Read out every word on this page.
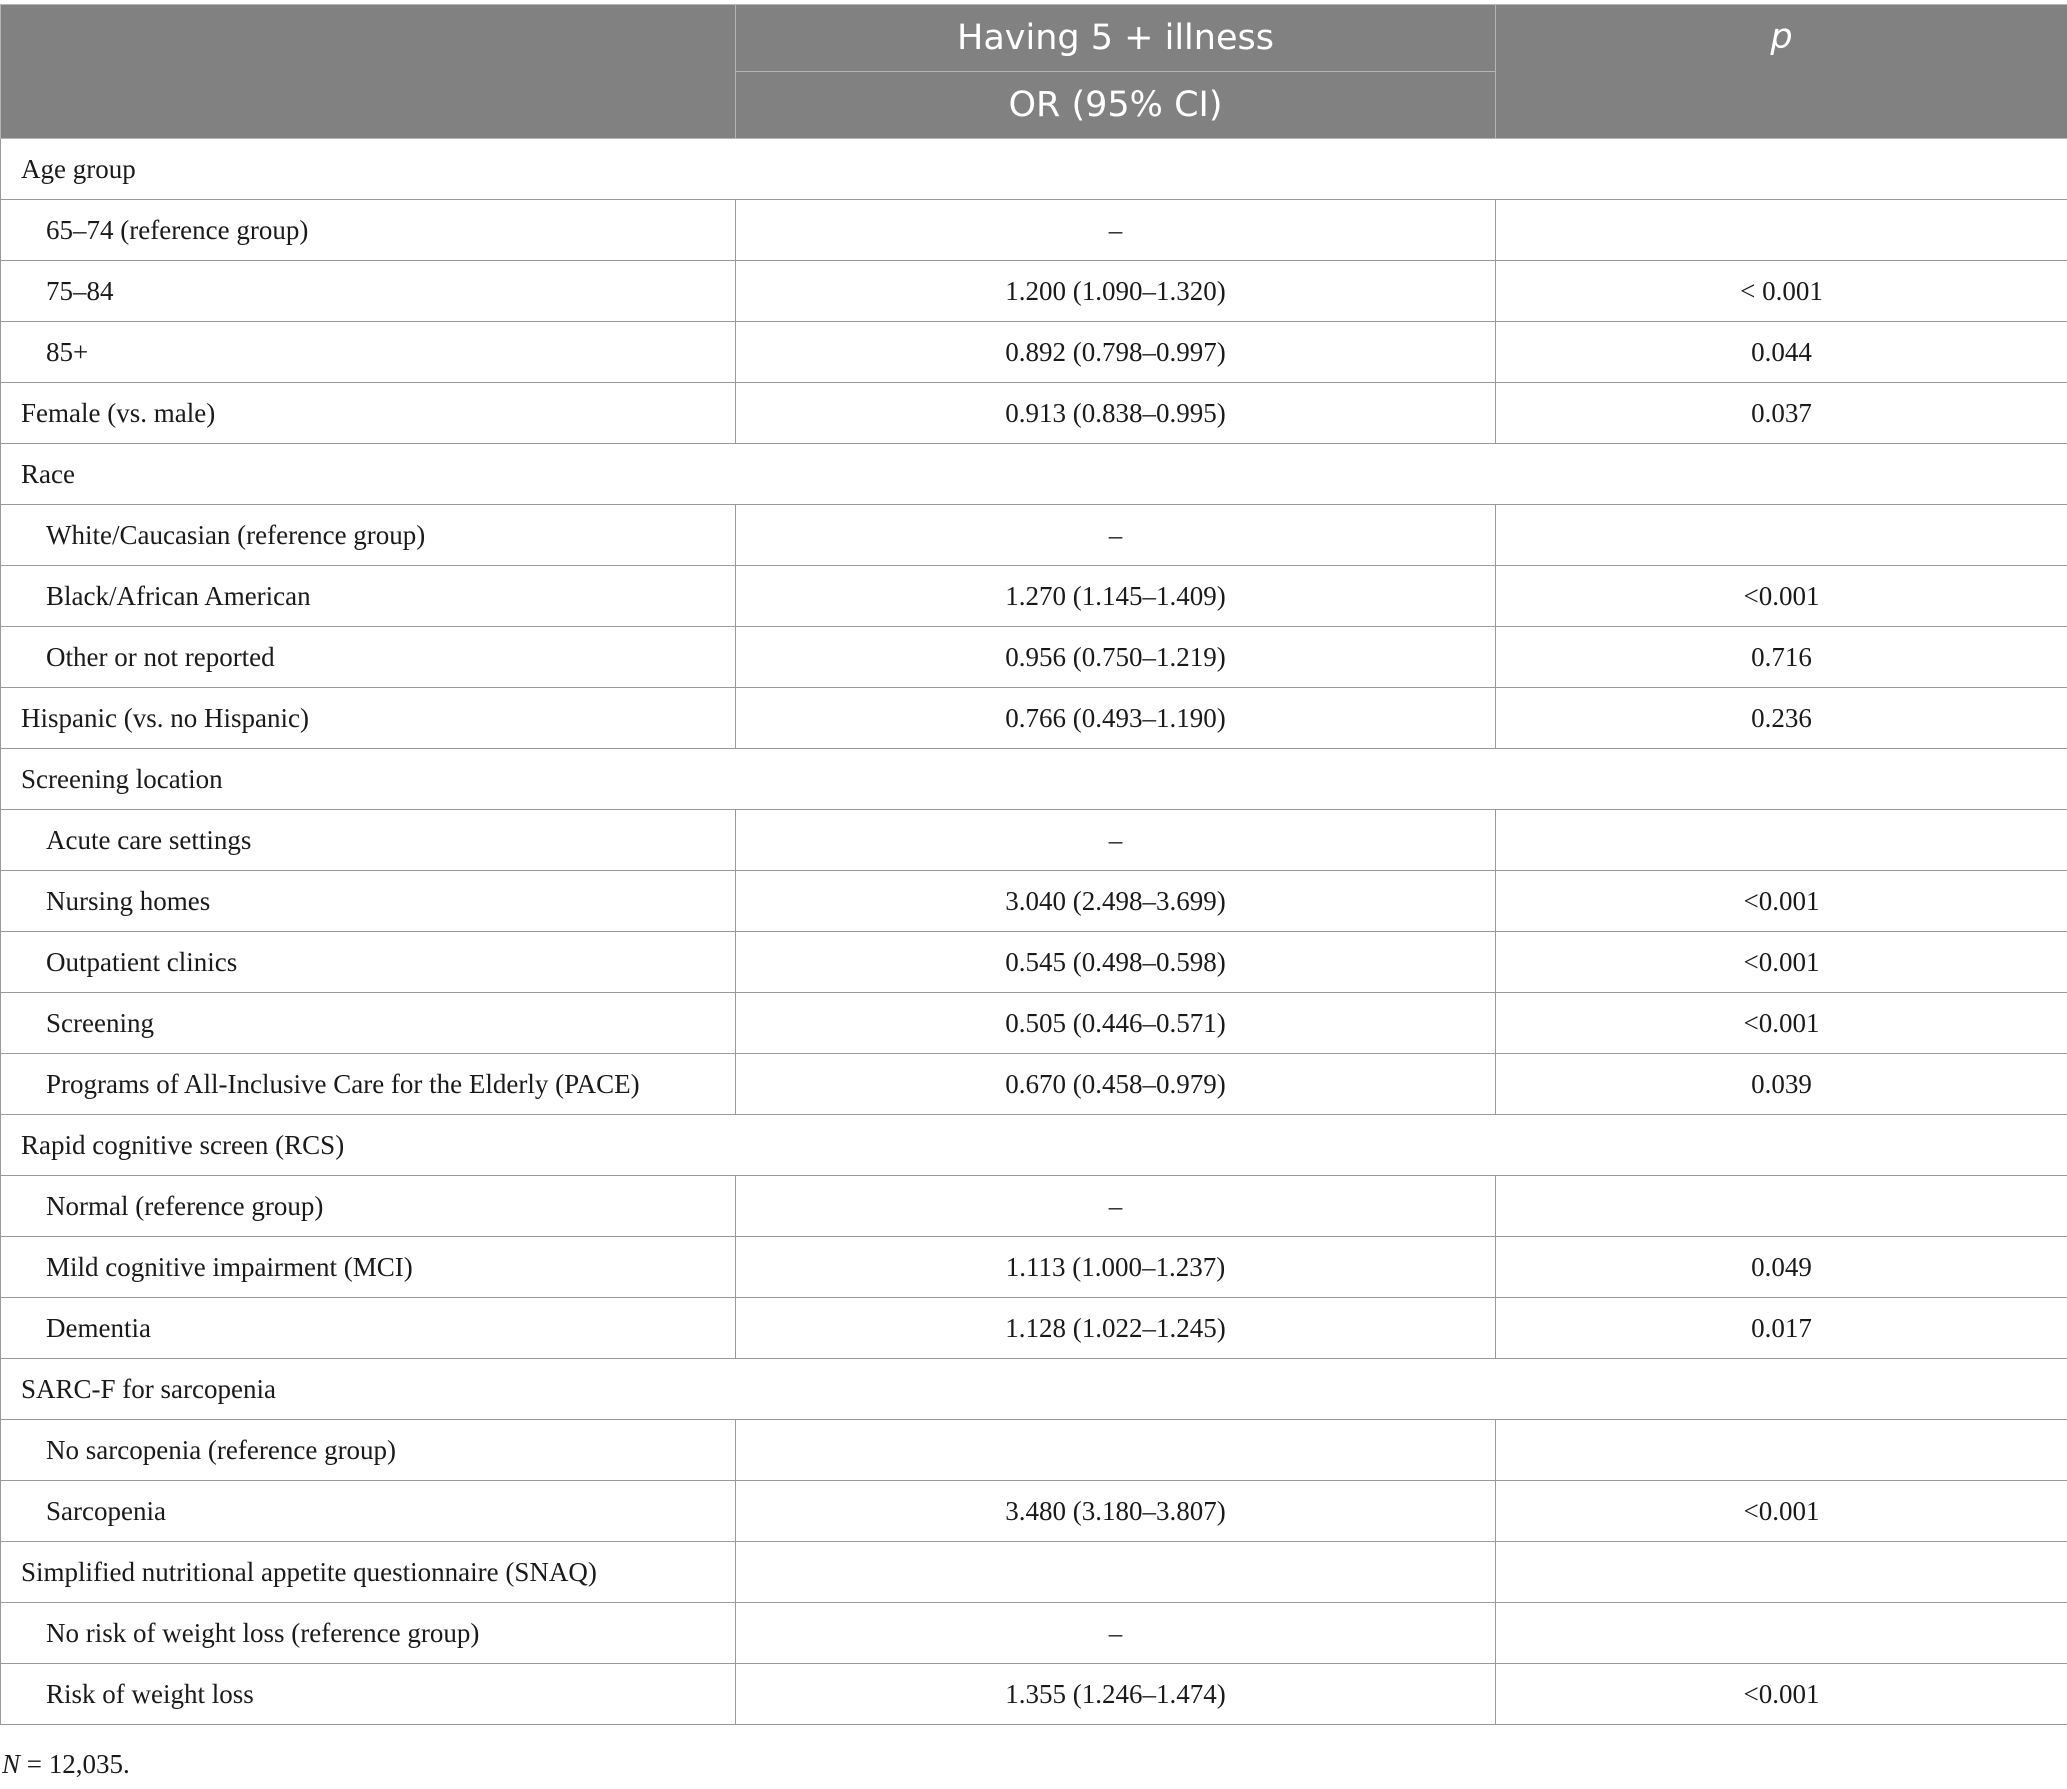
	Having 5 + illness	p
	OR (95% CI)	
Age group		
65–74 (reference group)	–	
75–84	1.200 (1.090–1.320)	< 0.001
85+	0.892 (0.798–0.997)	0.044
Female (vs. male)	0.913 (0.838–0.995)	0.037
Race		
White/Caucasian (reference group)	–	
Black/African American	1.270 (1.145–1.409)	<0.001
Other or not reported	0.956 (0.750–1.219)	0.716
Hispanic (vs. no Hispanic)	0.766 (0.493–1.190)	0.236
Screening location		
Acute care settings	–	
Nursing homes	3.040 (2.498–3.699)	<0.001
Outpatient clinics	0.545 (0.498–0.598)	<0.001
Screening	0.505 (0.446–0.571)	<0.001
Programs of All-Inclusive Care for the Elderly (PACE)	0.670 (0.458–0.979)	0.039
Rapid cognitive screen (RCS)		
Normal (reference group)	–	
Mild cognitive impairment (MCI)	1.113 (1.000–1.237)	0.049
Dementia	1.128 (1.022–1.245)	0.017
SARC-F for sarcopenia		
No sarcopenia (reference group)		
Sarcopenia	3.480 (3.180–3.807)	<0.001
Simplified nutritional appetite questionnaire (SNAQ)		
No risk of weight loss (reference group)	–	
Risk of weight loss	1.355 (1.246–1.474)	<0.001
N = 12,035.
